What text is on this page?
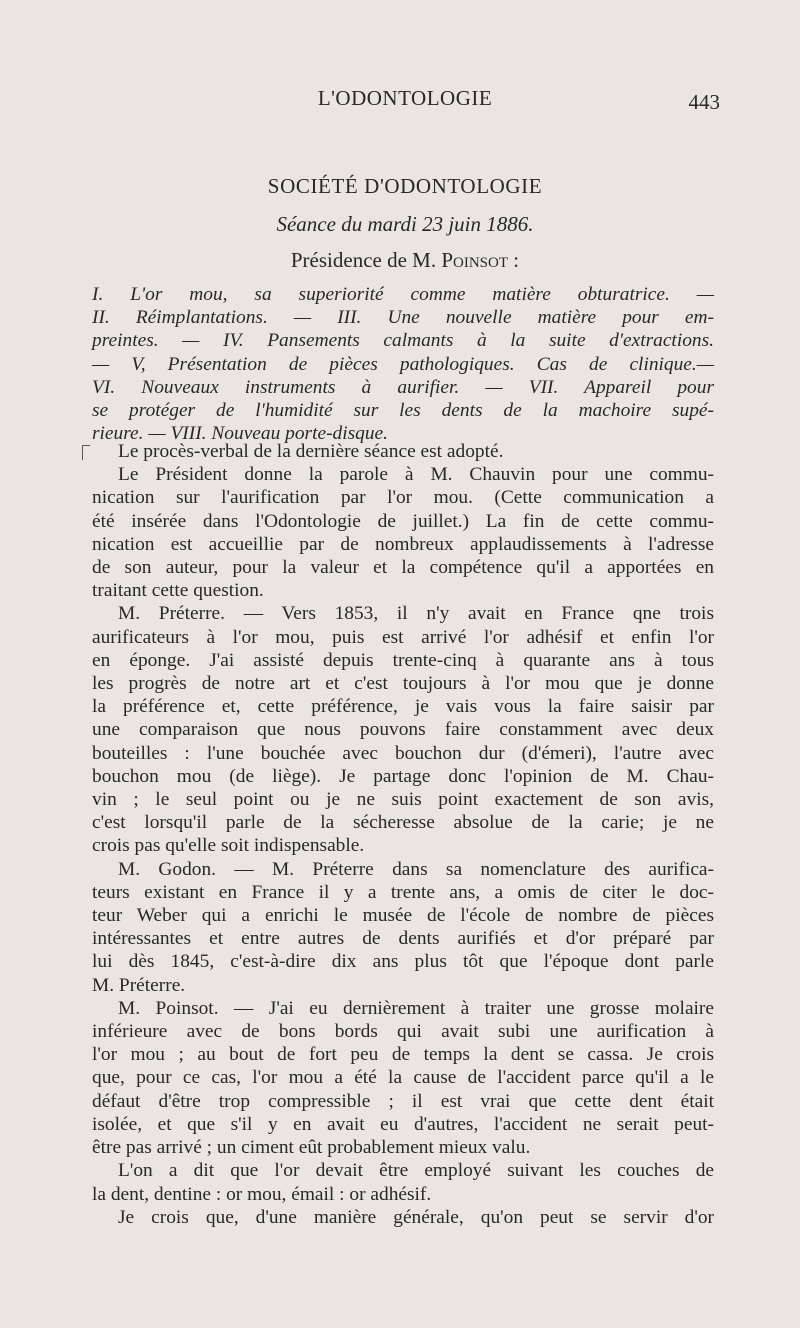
L'ODONTOLOGIE	443
SOCIÉTÉ D'ODONTOLOGIE
Séance du mardi 23 juin 1886.
Présidence de M. Poinsot :
I. L'or mou, sa superiorité comme matière obturatrice. —
II. Réimplantations. — III. Une nouvelle matière pour em-
preintes. — IV. Pansements calmants à la suite d'extractions.
— V, Présentation de pièces pathologiques. Cas de clinique.—
VI. Nouveaux instruments à aurifier. — VII. Appareil pour
se protéger de l'humidité sur les dents de la machoire supé-
rieure. — VIII. Nouveau porte-disque.
Le procès-verbal de la dernière séance est adopté.
Le Président donne la parole à M. Chauvin pour une commu-
nication sur l'aurification par l'or mou. (Cette communication a
été insérée dans l'Odontologie de juillet.) La fin de cette commu-
nication est accueillie par de nombreux applaudissements à l'adresse
de son auteur, pour la valeur et la compétence qu'il a apportées en
traitant cette question.
M. Préterre. — Vers 1853, il n'y avait en France qne trois
aurificateurs à l'or mou, puis est arrivé l'or adhésif et enfin l'or
en éponge. J'ai assisté depuis trente-cinq à quarante ans à tous
les progrès de notre art et c'est toujours à l'or mou que je donne
la préférence et, cette préférence, je vais vous la faire saisir par
une comparaison que nous pouvons faire constamment avec deux
bouteilles : l'une bouchée avec bouchon dur (d'émeri), l'autre avec
bouchon mou (de liège). Je partage donc l'opinion de M. Chau-
vin ; le seul point ou je ne suis point exactement de son avis,
c'est lorsqu'il parle de la sécheresse absolue de la carie; je ne
crois pas qu'elle soit indispensable.
M. Godon. — M. Préterre dans sa nomenclature des aurifica-
teurs existant en France il y a trente ans, a omis de citer le doc-
teur Weber qui a enrichi le musée de l'école de nombre de pièces
intéressantes et entre autres de dents aurifiés et d'or préparé par
lui dès 1845, c'est-à-dire dix ans plus tôt que l'époque dont parle
M. Préterre.
M. Poinsot. — J'ai eu dernièrement à traiter une grosse molaire
inférieure avec de bons bords qui avait subi une aurification à
l'or mou ; au bout de fort peu de temps la dent se cassa. Je crois
que, pour ce cas, l'or mou a été la cause de l'accident parce qu'il a le
défaut d'être trop compressible ; il est vrai que cette dent était
isolée, et que s'il y en avait eu d'autres, l'accident ne serait peut-
être pas arrivé ; un ciment eût probablement mieux valu.
L'on a dit que l'or devait être employé suivant les couches de
la dent, dentine : or mou, émail : or adhésif.
Je crois que, d'une manière générale, qu'on peut se servir d'or
